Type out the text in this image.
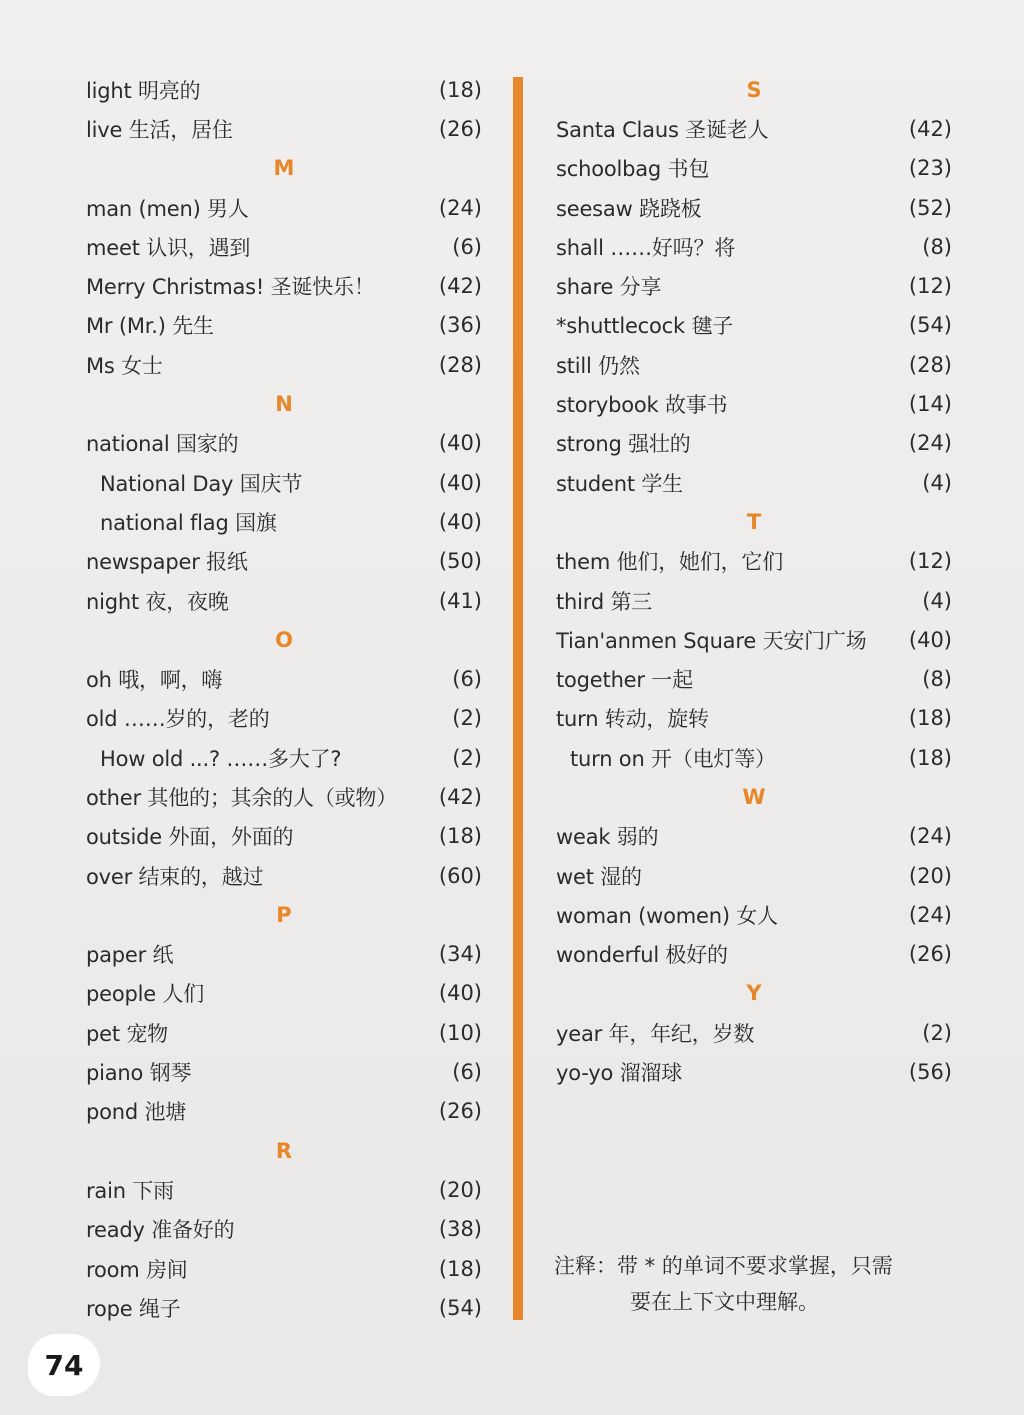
light 明亮的	(18)
live 生活，居住	(26)
M
man (men) 男人	(24)
meet 认识，遇到	(6)
Merry Christmas! 圣诞快乐！	(42)
Mr (Mr.) 先生	(36)
Ms 女士	(28)
N
national 国家的	(40)
National Day 国庆节	(40)
national flag 国旗	(40)
newspaper 报纸	(50)
night 夜，夜晚	(41)
O
oh 哦，啊，嗨	(6)
old ……岁的，老的	(2)
How old ...? ……多大了?	(2)
other 其他的；其余的人（或物） (42)
outside 外面，外面的	(18)
over 结束的，越过	(60)
P
paper 纸	(34)
people 人们	(40)
pet 宠物	(10)
piano 钢琴	(6)
pond 池塘	(26)
R
rain 下雨	(20)
ready 准备好的	(38)
room 房间	(18)
rope 绳子	(54)
S
Santa Claus 圣诞老人	(42)
schoolbag 书包	(23)
seesaw 跷跷板	(52)
shall ……好吗？将	(8)
share 分享	(12)
*shuttlecock 毽子	(54)
still 仍然	(28)
storybook 故事书	(14)
strong 强壮的	(24)
student 学生	(4)
T
them 他们，她们，它们	(12)
third 第三	(4)
Tian'anmen Square 天安门广场 (40)
together 一起	(8)
turn 转动，旋转	(18)
turn on 开（电灯等）	(18)
W
weak 弱的	(24)
wet 湿的	(20)
woman (women) 女人	(24)
wonderful 极好的	(26)
Y
year 年，年纪，岁数	(2)
yo-yo 溜溜球	(56)
注释：带 * 的单词不要求掌握，只需
要在上下文中理解。
74
